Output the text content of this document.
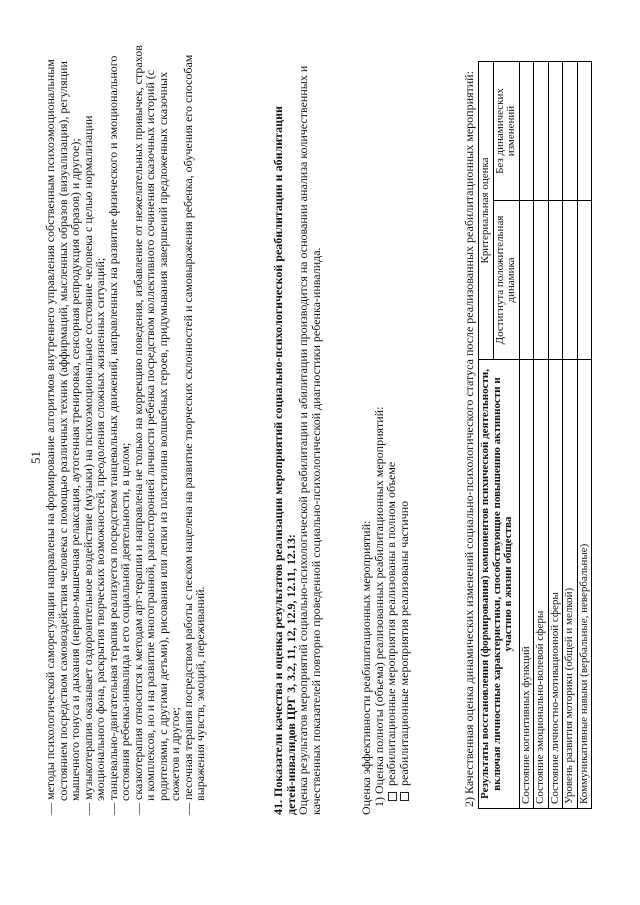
51 — методы психологической саморегуляции направлены на формирование алгоритмов внутреннего управления собственным психоэмоциональным состоянием посредством самовоздействия человека с помощью различных техник (аффирмаций, мысленных образов (визуализация), регуляции мышечного тонуса и дыхания (нервно-мышечная релаксация, аутогенная тренировка, сенсорная репродукция образов) и другое);
— музыкотерапия оказывает оздоровительное воздействие (музыки) на психоэмоциональное состояние человека с целью нормализации эмоционального фона, раскрытия творческих возможностей, преодоления сложных жизненных ситуаций;
— танцевально-двигательная терапия реализуется посредством танцевальных движений, направленных на развитие физического и эмоционального состояния ребенка-инвалида и его социальной деятельности, в целом;
— сказкотерапия относится к методам арт-терапии и направлена не только на коррекцию поведения, избавление от нежелательных привычек, страхов и комплексов, но и на развитие многогранной, разносторонней личности ребенка посредством коллективного сочинения сказочных историй (с родителями, с другими детьми), рисования или лепки из пластилина волшебных героев, придумывания завершений предложенных сказочных сюжетов и другое;
— песочная терапия посредством работы с песком нацелена на развитие творческих склонностей и самовыражения ребенка, обучения его способам выражения чувств, эмоций, переживаний.	41. Показатели качества и оценка результатов реализации мероприятий социально-психологической реабилитации и абилитации
детей-инвалидов ЦРГ 3, 3.2, 11, 12, 12.9, 12.11, 12.13:
Оценка результатов мероприятий социально-психологической реабилитации и абилитации производится на основании анализа количественных и качественных показателей повторно проведенной социально-психологической диагностики ребенка-инвалида.	Оценка эффективности реабилитационных мероприятий:
1) Оценка полноты (объема) реализованных реабилитационных мероприятий:
реабилитационные мероприятия реализованы в полном объеме
реабилитационные мероприятия реализованы частично	2) Качественная оценка динамических изменений социально-психологического статуса после реализованных реабилитационных мероприятий: Результаты восстановления (формирования) компонентов психической деятельности, включая личностные характеристики, способствующие повышению активности и участию в жизни общества	Критериальная оценка	
	Достигнута положительная динамика	Без динамических изменений
Состояние когнитивных функций		
Состояние эмоционально-волевой сферы		
Состояние личностно-мотивационной сферы		
Уровень развития моторики (общей и мелкой)		
Коммуникативные навыки (вербальные, невербальные)		
